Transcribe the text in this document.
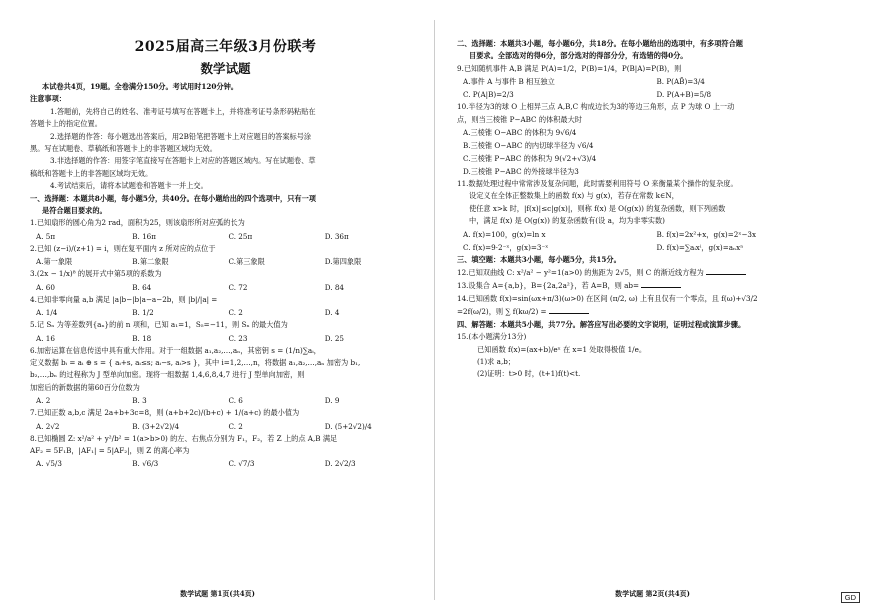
2025届高三年级3月份联考
数学试题
本试卷共4页，19题。全卷满分150分。考试用时120分钟。
注意事项：
1.答题前，先将自己的姓名、准考证号填写在答题卡上，并将准考证号条形码粘贴在
答题卡上的指定位置。
2.选择题的作答：每小题选出答案后，用2B铅笔把答题卡上对应题目的答案标号涂
黑。写在试题卷、草稿纸和答题卡上的非答题区域均无效。
3.非选择题的作答：用签字笔直接写在答题卡上对应的答题区域内。写在试题卷、草
稿纸和答题卡上的非答题区域均无效。
4.考试结束后，请将本试题卷和答题卡一并上交。
一、选择题：本题共8小题，每小题5分，共40分。在每小题给出的四个选项中，只有一项
是符合题目要求的。
1.已知扇形的圆心角为2 rad，面积为25，则该扇形所对应弧的长为
A. 5π	B. 16π	C. 25π	D. 36π
2.已知 (z−i)/(z+1) = i，则在复平面内 z 所对应的点位于
A.第一象限	B.第二象限	C.第三象限	D.第四象限
3.(2x − 1/x)⁸ 的展开式中第5项的系数为
A. 60	B. 64	C. 72	D. 84
4.已知非零向量 a,b 满足 |a|b−|b|a−a−2b，则 |b|/|a| =
A. 1/4	B. 1/2	C. 2	D. 4
5.记 Sₙ 为等差数列{aₙ}的前 n 项和，已知 a₁=1，S₅=−11，则 Sₙ 的最大值为
A. 16	B. 18	C. 23	D. 25
6.加密运算在信息传送中具有重大作用。对于一组数据 a₁,a₂,…,aₙ，其密钥 s = (1/n)∑aᵢ，
定义数据 bᵢ = aᵢ ⊕ s = { aᵢ+s, aᵢ≤s; aᵢ−s, aᵢ>s }，其中 i=1,2,…,n，将数据 a₁,a₂,…,aₙ 加密为 b₁,
b₂,…,bₙ 的过程称为 J 型单向加密。现将一组数据 1,4,6,8,4,7 进行 J 型单向加密，则
加密后的新数据的第60百分位数为
A. 2	B. 3	C. 6	D. 9
7.已知正数 a,b,c 满足 2a+b+3c=8，则 (a+b+2c)/(b+c) + 1/(a+c) 的最小值为
A. 2√2	B. (3+2√2)/4	C. 2	D. (5+2√2)/4
8.已知椭圆 Z: x²/a² + y²/b² = 1(a>b>0) 的左、右焦点分别为 F₁，F₂，若 Z 上的点 A,B 满足
AF₂ = 5F₁B，|AF₁| = 5|AF₂|，则 Z 的离心率为
A. √5/3	B. √6/3	C. √7/3	D. 2√2/3
数学试题 第1页(共4页)
二、选择题：本题共3小题，每小题6分，共18分。在每小题给出的选项中，有多项符合题
目要求。全部选对的得6分，部分选对的得部分分，有选错的得0分。
9.已知随机事件 A,B 满足 P(A)=1/2，P(B)=1/4，P(B|A)=P(B)，则
A.事件 A 与事件 B 相互独立	B. P(AB̄)=3/4
C. P(A|B)=2/3	D. P(A+B)=5/8
10.半径为3的球 O 上相异三点 A,B,C 构成边长为3的等边三角形，点 P 为球 O 上一动
点，则当三棱锥 P−ABC 的体积最大时
A.三棱锥 O−ABC 的体积为 9√6/4
B.三棱锥 O−ABC 的内切球半径为 √6/4
C.三棱锥 P−ABC 的体积为 9(√2+√3)/4
D.三棱锥 P−ABC 的外接球半径为3
11.数据处理过程中常常涉及复杂问题，此时需要利用符号 O 来衡量某个操作的复杂度。
设定义在全体正整数集上的函数 f(x) 与 g(x)，若存在常数 k∈N，
使任意 x>k 时，|f(x)|≤c|g(x)|，则称 f(x) 是 O(g(x)) 的复杂函数，则下列函数
中，满足 f(x) 是 O(g(x)) 的复杂函数有(设 a，均为非零实数)
A. f(x)=100，g(x)=ln x	B. f(x)=2x²+x，g(x)=2ˣ−3x
C. f(x)=9·2⁻ˣ，g(x)=3⁻ˣ	D. f(x)=∑aᵢxⁱ，g(x)=aₙxⁿ
三、填空题：本题共3小题，每小题5分，共15分。
12.已知双曲线 C: x²/a² − y²=1(a>0) 的焦距为 2√5，则 C 的渐近线方程为
13.设集合 A={a,b}，B={2a,2a²}，若 A=B，则 ab=
14.已知函数 f(x)=sin(ωx+π/3)(ω>0) 在区间 (π/2, ω) 上有且仅有一个零点，且 f(ω)+√3/2
=2f(ω/2)，则 ∑ f(kω/2) =
四、解答题：本题共5小题，共77分。解答应写出必要的文字说明，证明过程或演算步骤。
15.(本小题满分13分)
已知函数 f(x)=(ax+b)/eˣ 在 x=1 处取得极值 1/e。
(1)求 a,b；
(2)证明：t>0 时，(t+1)f(t)<t.
数学试题 第2页(共4页)	GD
